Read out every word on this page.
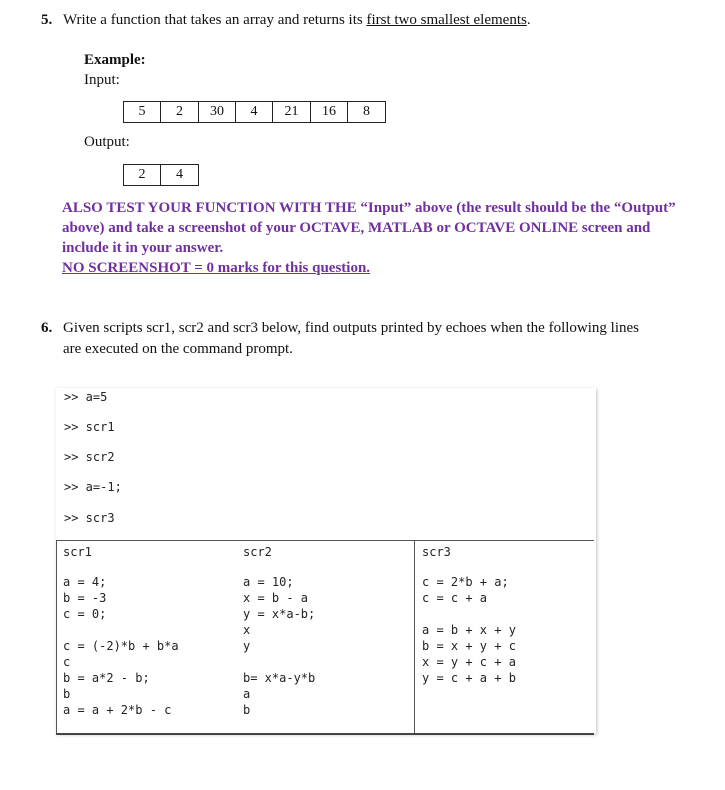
5. Write a function that takes an array and returns its first two smallest elements.
Example:
Input:
5	2	30	4	21	16	8
Output:
2	4
ALSO TEST YOUR FUNCTION WITH THE “Input” above (the result should be the “Output”
above) and take a screenshot of your OCTAVE, MATLAB or OCTAVE ONLINE screen and
include it in your answer.
NO SCREENSHOT = 0 marks for this question.
6. Given scripts scr1, scr2 and scr3 below, find outputs printed by echoes when the following lines
are executed on the command prompt.
>> a=5
>> scr1
>> scr2
>> a=-1;
>> scr3
scr1
a = 4;
b = -3
c = 0;
c = (-2)*b + b*a
c
b = a*2 - b;
b
a = a + 2*b - c
scr2
a = 10;
x = b - a
y = x*a-b;
x
y
b= x*a-y*b
a
b
scr3
c = 2*b + a;
c = c + a
a = b + x + y
b = x + y + c
x = y + c + a
y = c + a + b
